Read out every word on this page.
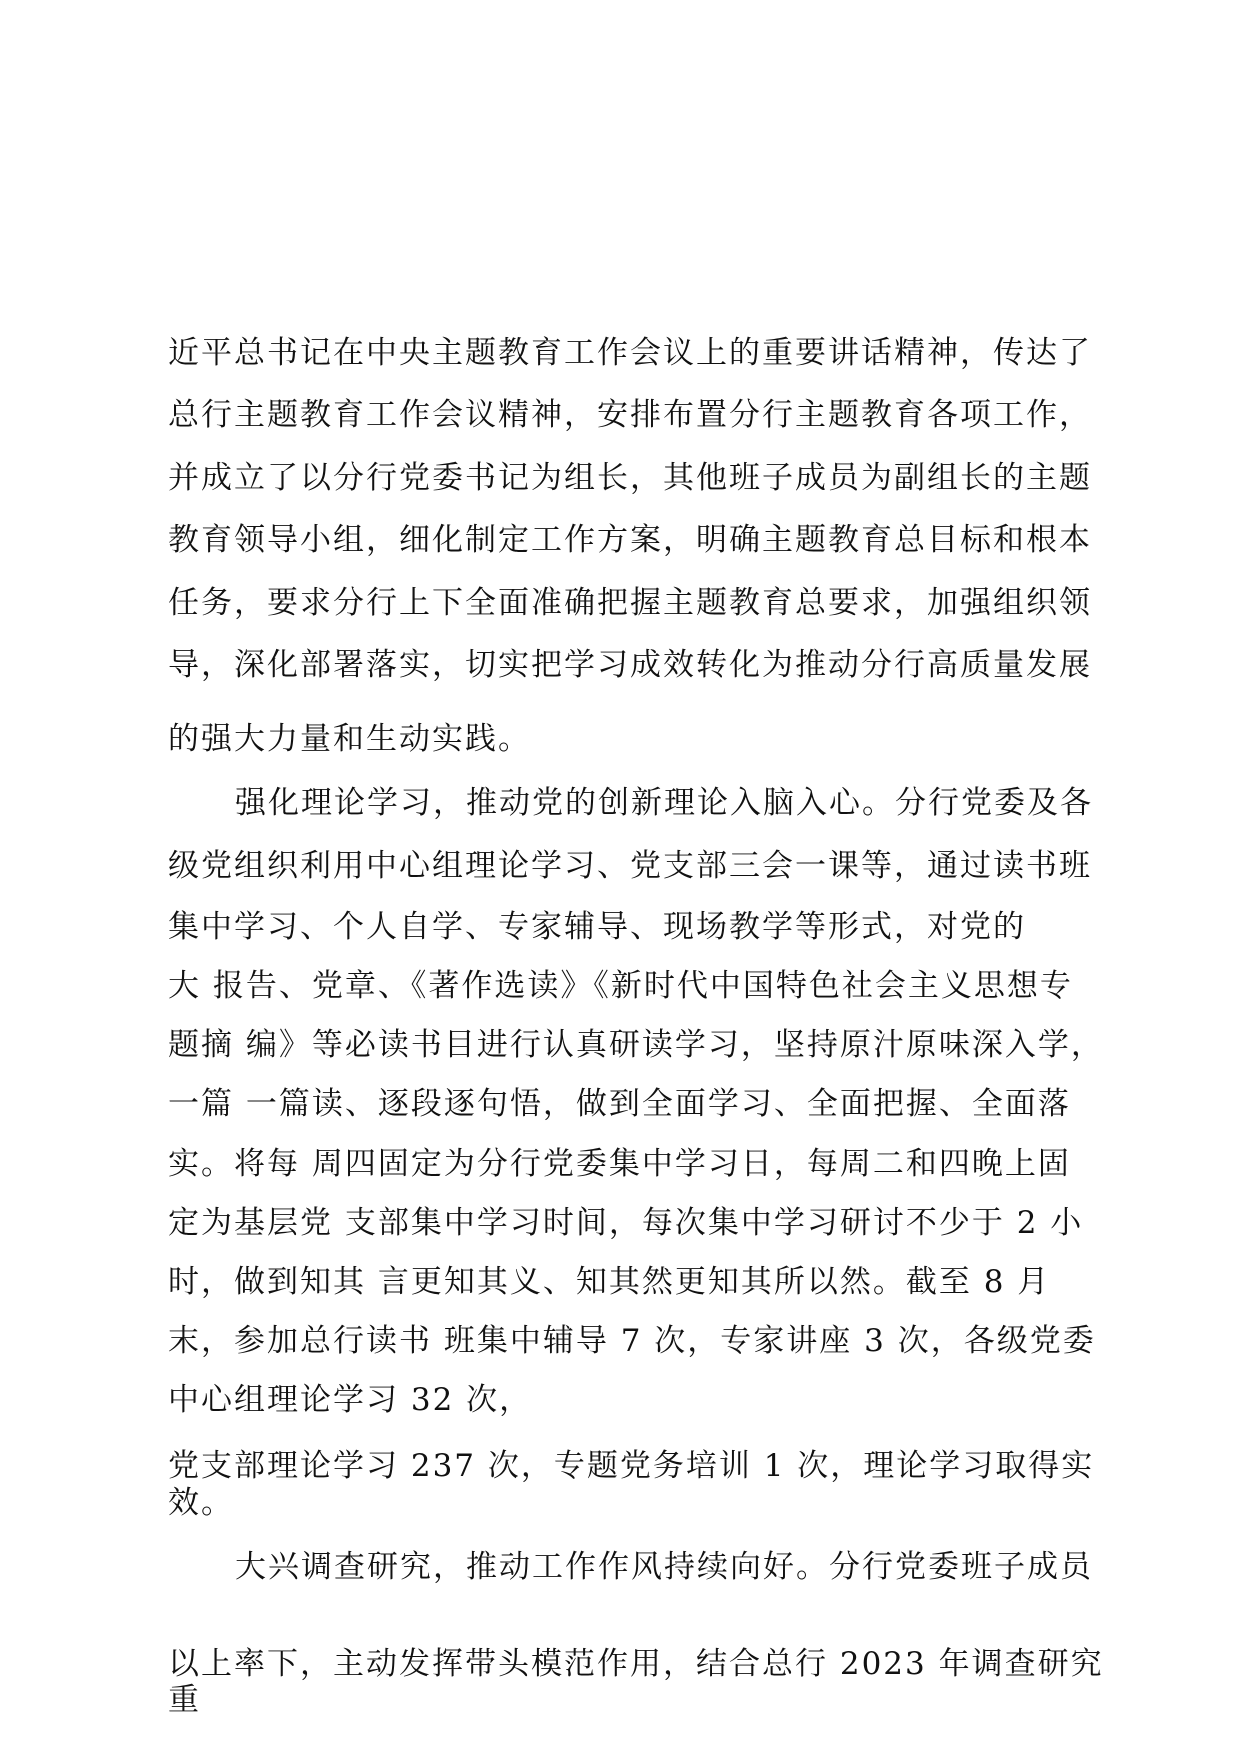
近平总书记在中央主题教育工作会议上的重要讲话精神，传达了
总行主题教育工作会议精神，安排布置分行主题教育各项工作，
并成立了以分行党委书记为组长，其他班子成员为副组长的主题
教育领导小组，细化制定工作方案，明确主题教育总目标和根本
任务，要求分行上下全面准确把握主题教育总要求，加强组织领
导，深化部署落实，切实把学习成效转化为推动分行高质量发展
的强大力量和生动实践。
强化理论学习，推动党的创新理论入脑入心。分行党委及各
级党组织利用中心组理论学习、党支部三会一课等，通过读书班
集中学习、个人自学、专家辅导、现场教学等形式，对党的
大 报告、党章、《著作选读》《新时代中国特色社会主义思想专
题摘 编》等必读书目进行认真研读学习，坚持原汁原味深入学，
一篇 一篇读、逐段逐句悟，做到全面学习、全面把握、全面落
实。将每 周四固定为分行党委集中学习日，每周二和四晚上固
定为基层党 支部集中学习时间，每次集中学习研讨不少于 2 小
时，做到知其 言更知其义、知其然更知其所以然。截至 8 月
末，参加总行读书 班集中辅导 7 次，专家讲座 3 次，各级党委
中心组理论学习 32 次，
党支部理论学习 237 次，专题党务培训 1 次，理论学习取得实
效。
大兴调查研究，推动工作作风持续向好。分行党委班子成员
以上率下，主动发挥带头模范作用，结合总行 2023 年调查研究
重
